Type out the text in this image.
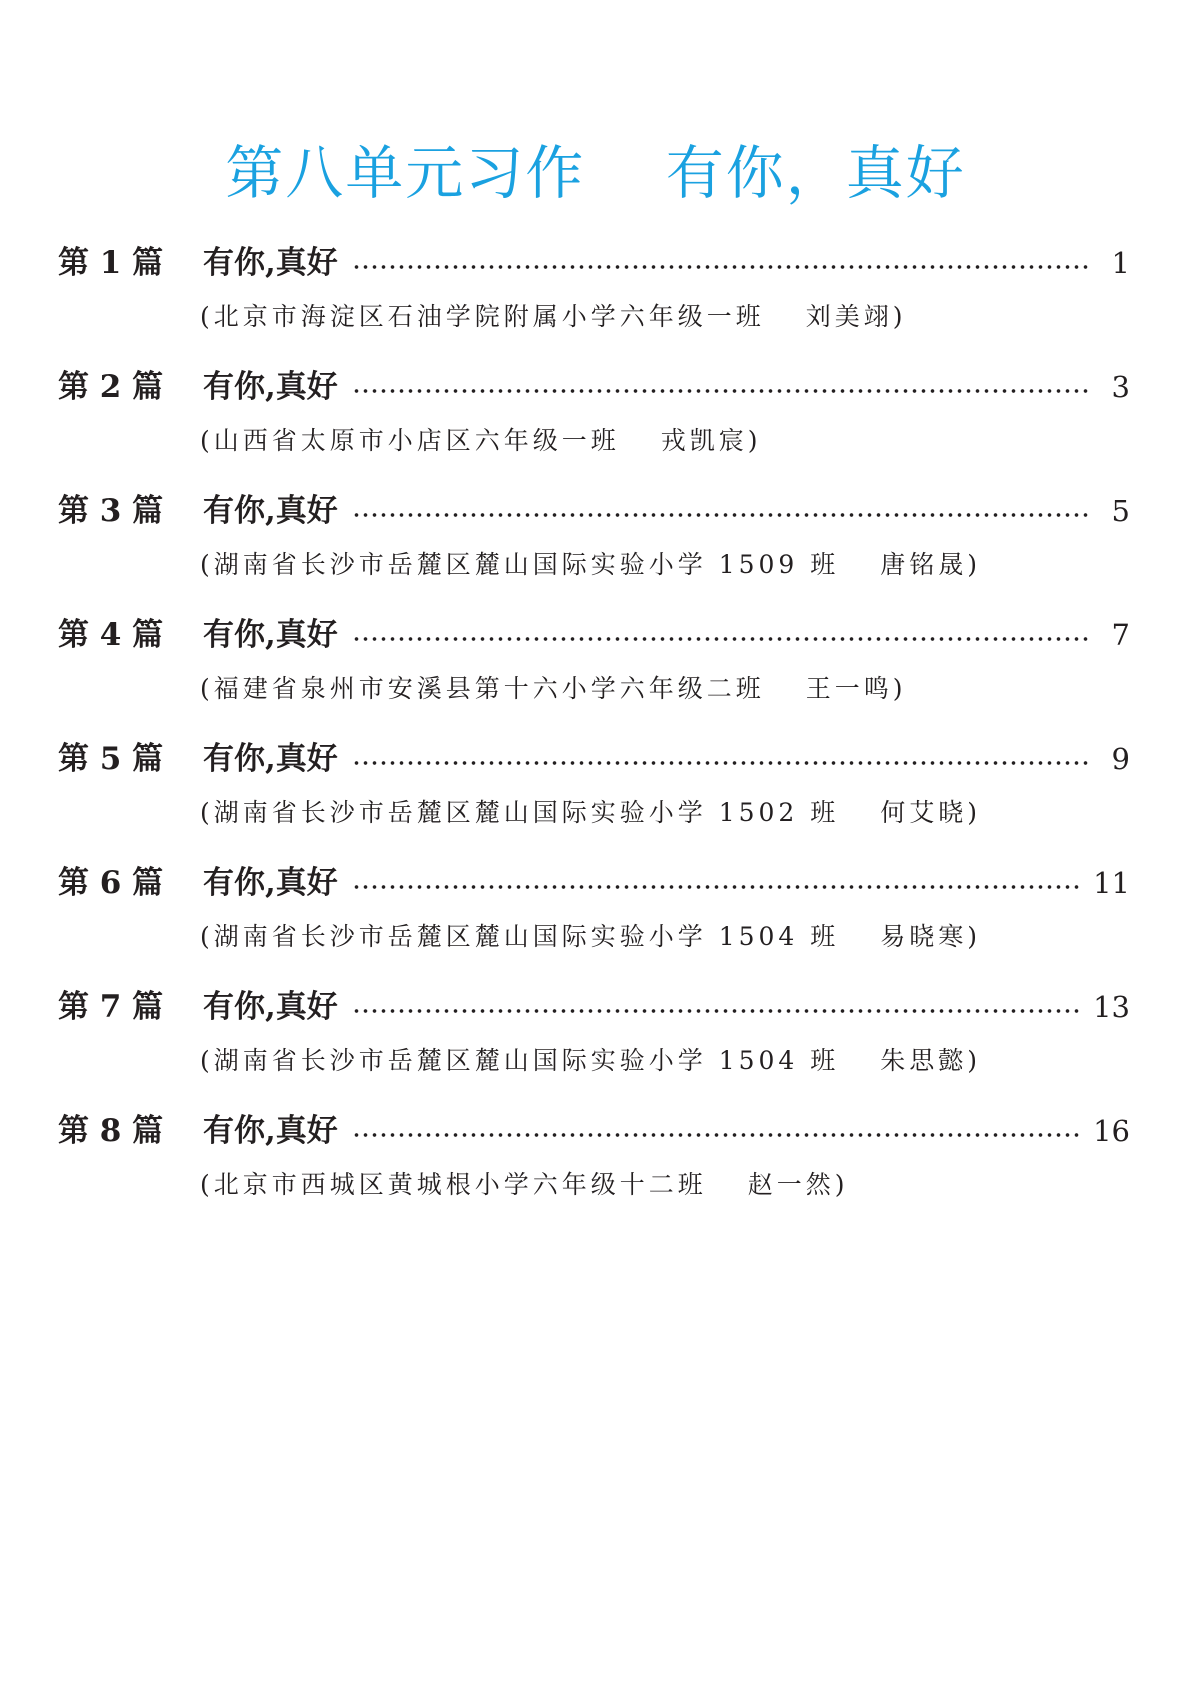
第八单元习作　 有你，真好
第 1 篇	有你,真好	1
(北京市海淀区石油学院附属小学六年级一班　 刘美翊)
第 2 篇	有你,真好	3
(山西省太原市小店区六年级一班　 戎凯宸)
第 3 篇	有你,真好	5
(湖南省长沙市岳麓区麓山国际实验小学 1509 班　 唐铭晟)
第 4 篇	有你,真好	7
(福建省泉州市安溪县第十六小学六年级二班　 王一鸣)
第 5 篇	有你,真好	9
(湖南省长沙市岳麓区麓山国际实验小学 1502 班　 何艾晓)
第 6 篇	有你,真好	11
(湖南省长沙市岳麓区麓山国际实验小学 1504 班　 易晓寒)
第 7 篇	有你,真好	13
(湖南省长沙市岳麓区麓山国际实验小学 1504 班　 朱思懿)
第 8 篇	有你,真好	16
(北京市西城区黄城根小学六年级十二班　 赵一然)
